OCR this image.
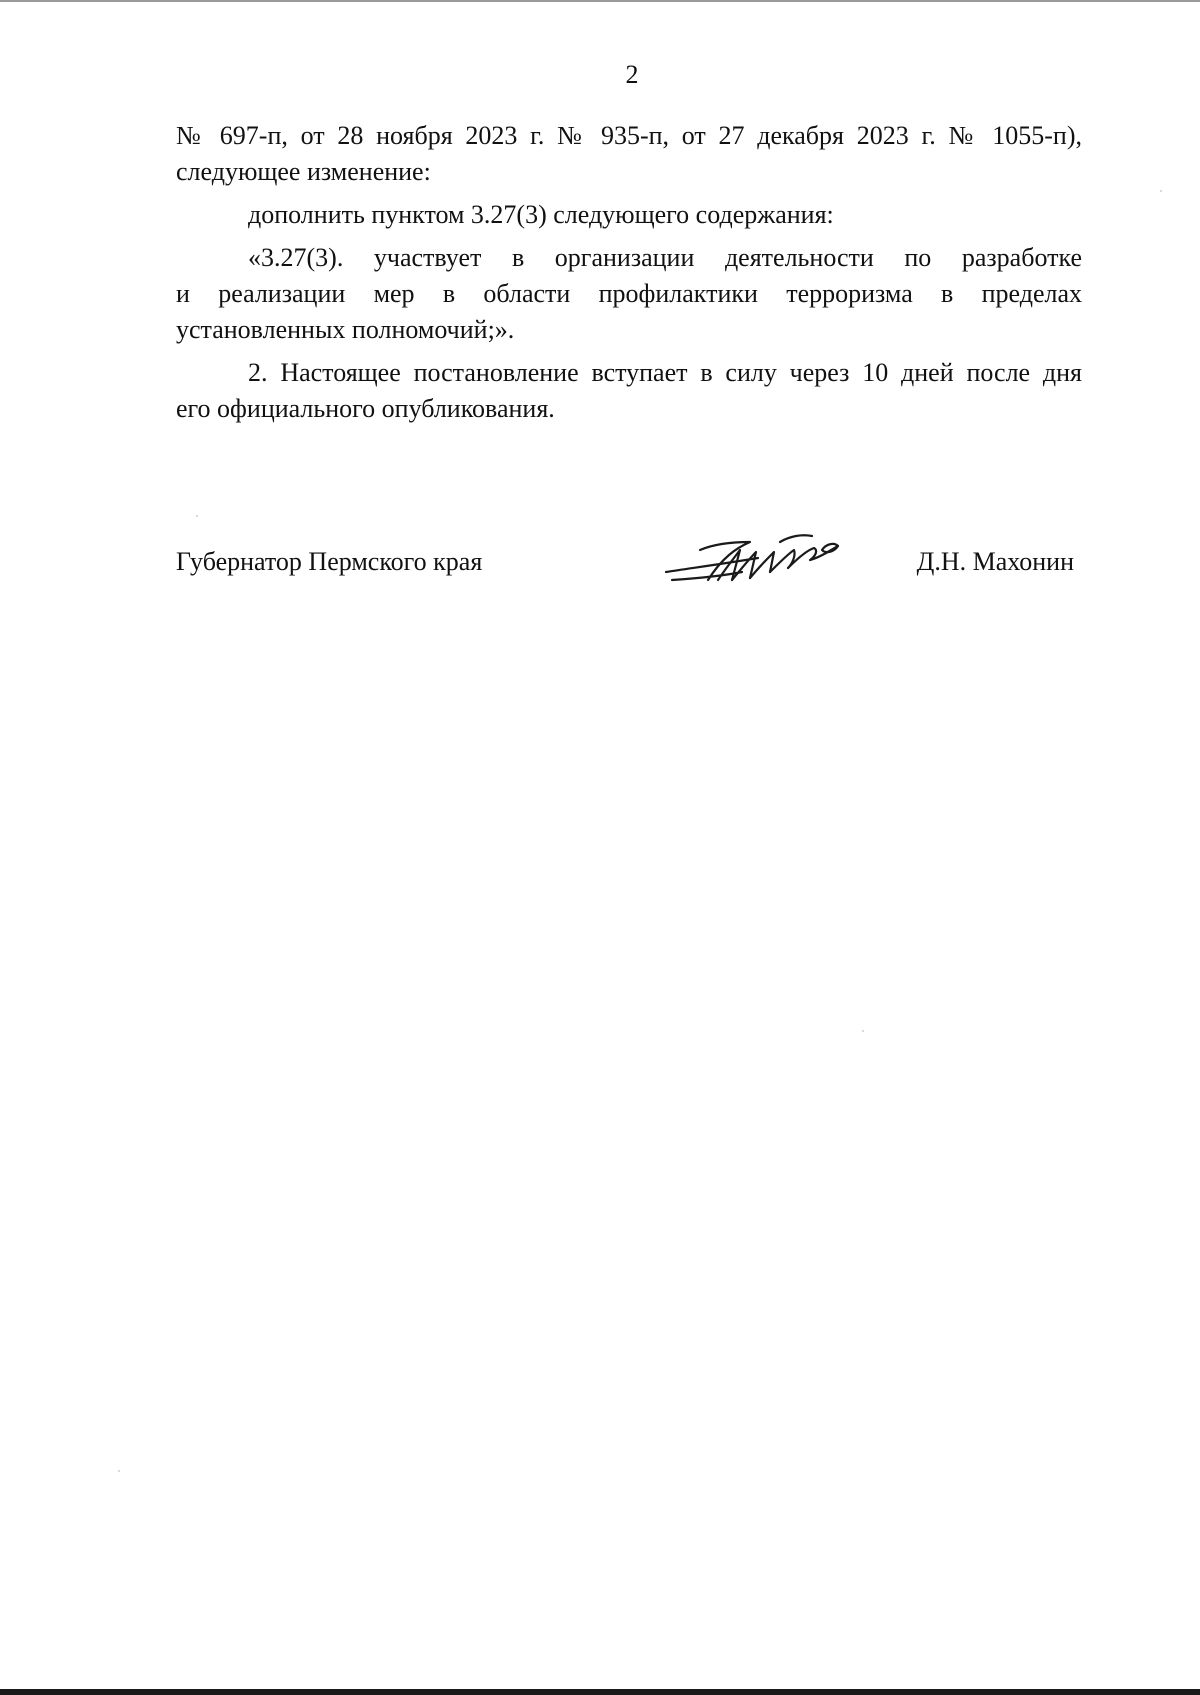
2
№ 697-п, от 28 ноября 2023 г. № 935-п, от 27 декабря 2023 г. № 1055-п),
следующее изменение:
дополнить пунктом 3.27(3) следующего содержания:
«3.27(3). участвует в организации деятельности по разработке
и реализации мер в области профилактики терроризма в пределах
установленных полномочий;».
2. Настоящее постановление вступает в силу через 10 дней после дня
его официального опубликования.
Губернатор Пермского края	Д.Н. Махонин
